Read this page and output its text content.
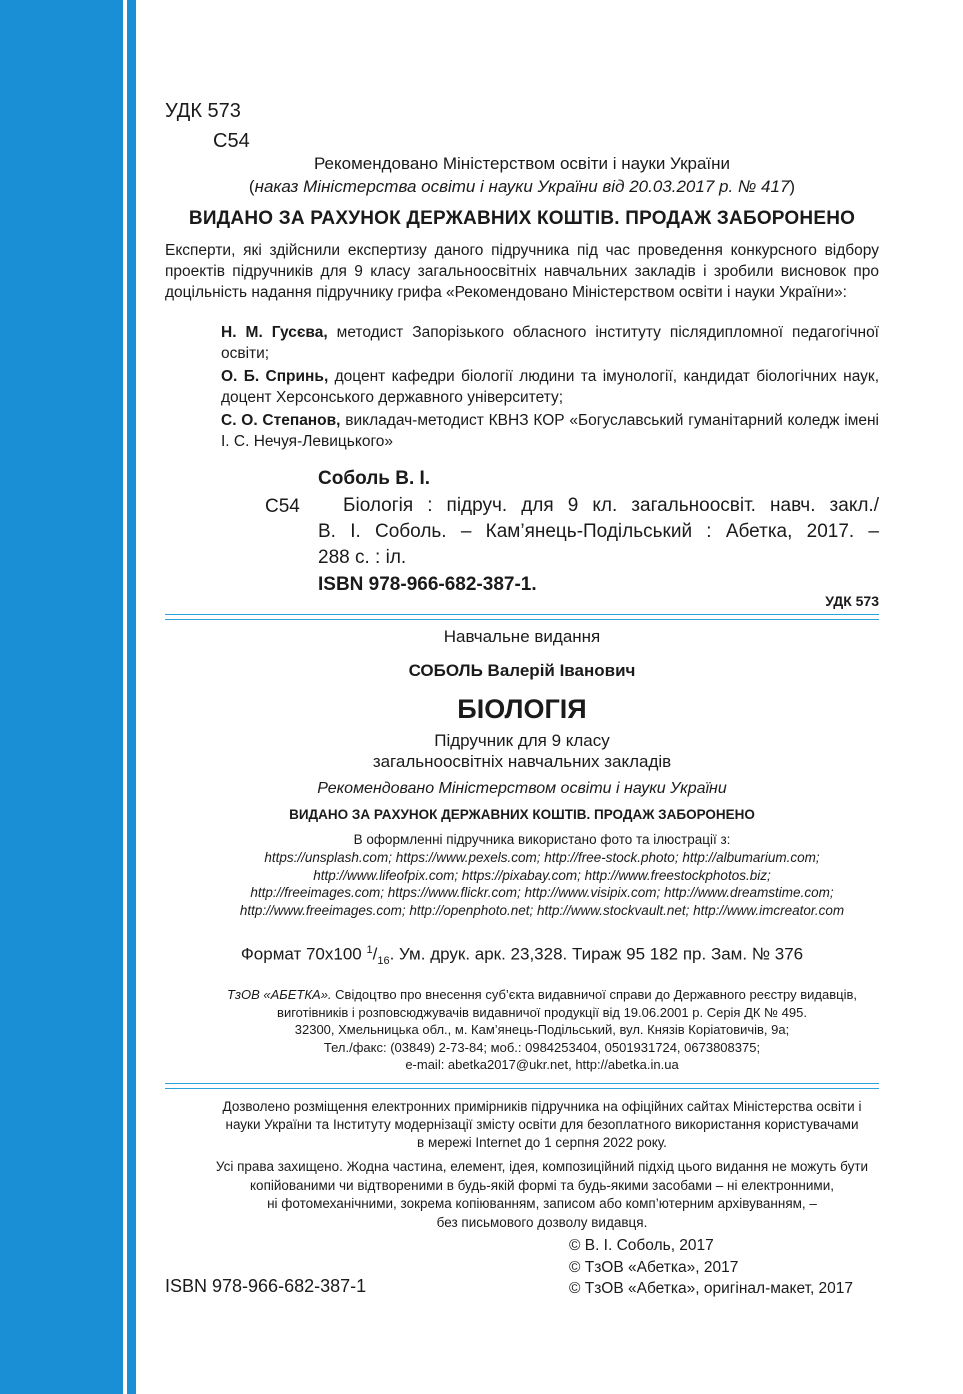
УДК 573
С54
Рекомендовано Міністерством освіти і науки України
(наказ Міністерства освіти і науки України від 20.03.2017 р. № 417)
ВИДАНО ЗА РАХУНОК ДЕРЖАВНИХ КОШТІВ. ПРОДАЖ ЗАБОРОНЕНО
Експерти, які здійснили експертизу даного підручника під час проведення конкурсного відбору проектів підручників для 9 класу загальноосвітніх навчальних закладів і зробили висновок про доцільність надання підручнику грифа «Рекомендовано Міністерством освіти і науки України»:
Н. М. Гусєва, методист Запорізького обласного інституту післядипломної педагогічної освіти;
О. Б. Спринь, доцент кафедри біології людини та імунології, кандидат біологічних наук, доцент Херсонського державного університету;
С. О. Степанов, викладач-методист КВНЗ КОР «Богуславський гуманітарний коледж імені І. С. Нечуя-Левицького»
Соболь В. І.
С54 Біологія : підруч. для 9 кл. загальноосвіт. навч. закл./
В. І. Соболь. – Кам’янець-Подільський : Абетка, 2017. –
288 с. : іл.
ISBN 978-966-682-387-1.
УДК 573
Навчальне видання
СОБОЛЬ Валерій Іванович
БІОЛОГІЯ
Підручник для 9 класу
загальноосвітніх навчальних закладів
Рекомендовано Міністерством освіти і науки України
ВИДАНО ЗА РАХУНОК ДЕРЖАВНИХ КОШТІВ. ПРОДАЖ ЗАБОРОНЕНО
В оформленні підручника використано фото та ілюстрації з:
https://unsplash.com; https://www.pexels.com; http://free-stock.photo; http://albumarium.com;
http://www.lifeofpix.com; https://pixabay.com; http://www.freestockphotos.biz;
http://freeimages.com; https://www.flickr.com; http://www.visipix.com; http://www.dreamstime.com;
http://www.freeimages.com; http://openphoto.net; http://www.stockvault.net; http://www.imcreator.com
Формат 70х100 $^1/_{16}$. Ум. друк. арк. 23,328. Тираж 95 182 пр. Зам. № 376
ТзОВ «АБЕТКА». Свідоцтво про внесення суб’єкта видавничої справи до Державного реєстру видавців,
виготівників і розповсюджувачів видавничої продукції від 19.06.2001 р. Серія ДК № 495.
32300, Хмельницька обл., м. Кам’янець-Подільський, вул. Князів Коріатовичів, 9а;
Тел./факс: (03849) 2-73-84; моб.: 0984253404, 0501931724, 0673808375;
e-mail: abetka2017@ukr.net, http://abetka.in.ua
Дозволено розміщення електронних примірників підручника на офіційних сайтах Міністерства освіти і
науки України та Інституту модернізації змісту освіти для безоплатного використання користувачами
в мережі Internet до 1 серпня 2022 року.
Усі права захищено. Жодна частина, елемент, ідея, композиційний підхід цього видання не можуть бути
копійованими чи відтвореними в будь-якій формі та будь-якими засобами – ні електронними,
ні фотомеханічними, зокрема копіюванням, записом або комп’ютерним архівуванням, –
без письмового дозволу видавця.
© В. І. Соболь, 2017
© ТзОВ «Абетка», 2017
© ТзОВ «Абетка», оригінал-макет, 2017
ISBN 978-966-682-387-1
